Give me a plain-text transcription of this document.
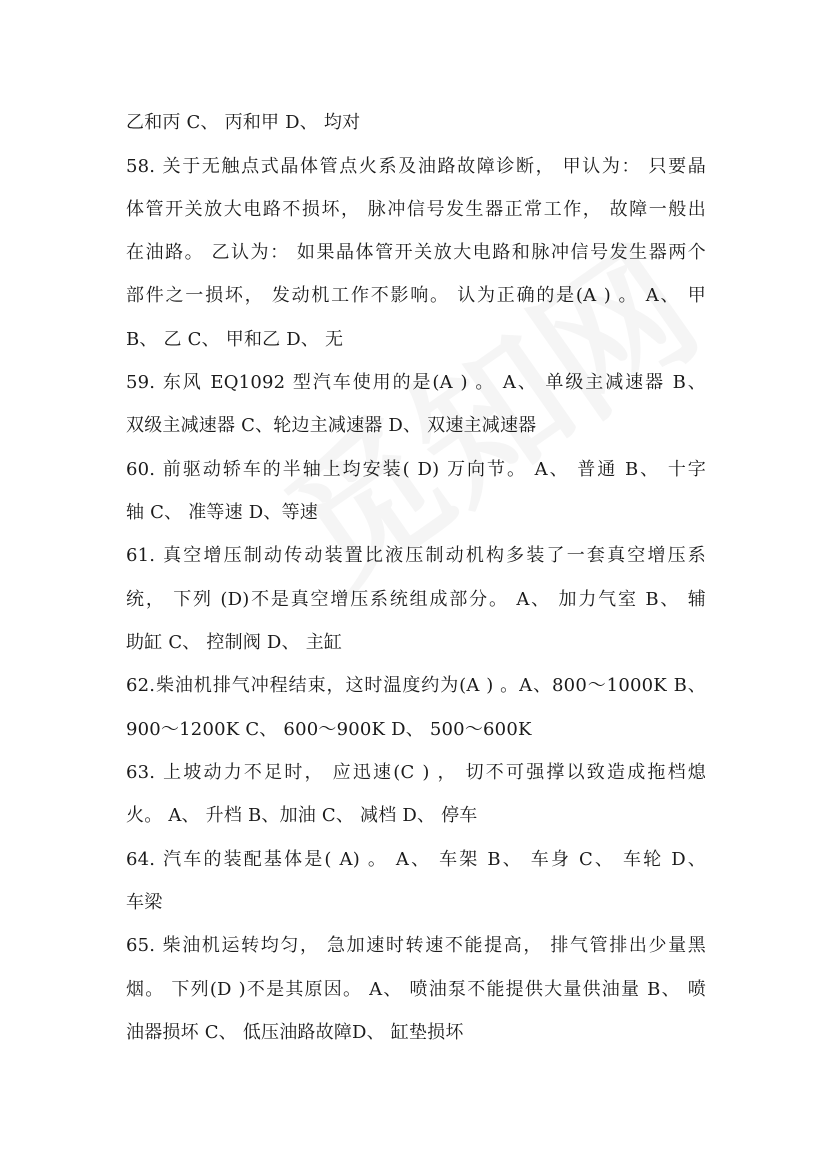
乙和丙 C、 丙和甲 D、 均对
58. 关于无触点式晶体管点火系及油路故障诊断， 甲认为： 只要晶
体管开关放大电路不损坏， 脉冲信号发生器正常工作， 故障一般出
在油路。 乙认为： 如果晶体管开关放大电路和脉冲信号发生器两个
部件之一损坏， 发动机工作不影响。 认为正确的是(A ) 。 A、 甲
B、 乙 C、 甲和乙 D、 无
59. 东风 EQ1092 型汽车使用的是(A ) 。 A、 单级主减速器 B、
双级主减速器 C、轮边主减速器 D、 双速主减速器
60. 前驱动轿车的半轴上均安装( D) 万向节。 A、 普通 B、 十字
轴 C、 准等速 D、等速
61. 真空增压制动传动装置比液压制动机构多装了一套真空增压系
统， 下列 (D)不是真空增压系统组成部分。 A、 加力气室 B、 辅
助缸 C、 控制阀 D、 主缸
62.柴油机排气冲程结束，这时温度约为(A ) 。A、800～1000K B、
900～1200K C、 600～900K D、 500～600K
63. 上坡动力不足时， 应迅速(C ) ， 切不可强撑以致造成拖档熄
火。 A、 升档 B、加油 C、 减档 D、 停车
64. 汽车的装配基体是( A) 。 A、 车架 B、 车身 C、 车轮 D、
车梁
65. 柴油机运转均匀， 急加速时转速不能提高， 排气管排出少量黑
烟。 下列(D )不是其原因。 A、 喷油泵不能提供大量供油量 B、 喷
油器损坏 C、 低压油路故障D、 缸垫损坏
